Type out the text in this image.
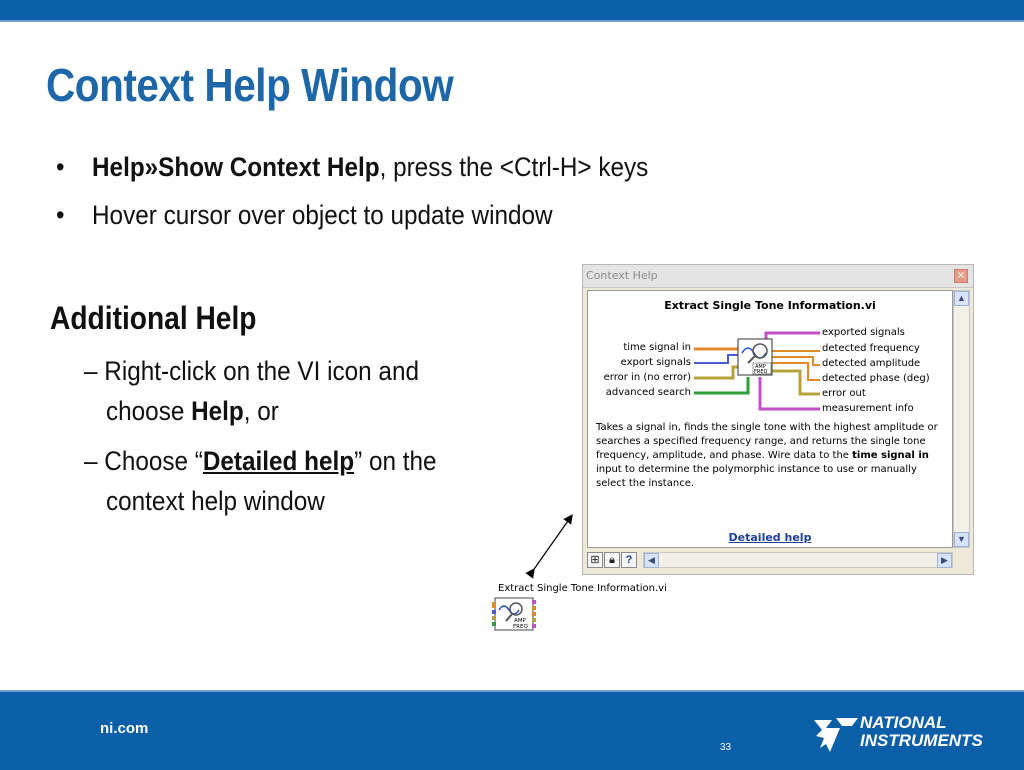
Context Help Window
• Help»Show Context Help, press the <Ctrl-H> keys
• Hover cursor over object to update window
Additional Help
– Right-click on the VI icon and
choose Help, or
– Choose “Detailed help” on the
context help window
Context Help	×
Extract Single Tone Information.vi
AMP
FREQ
time signal in
export signals
error in (no error)
advanced search
exported signals
detected frequency
detected amplitude
detected phase (deg)
error out
measurement info
Takes a signal in, finds the single tone with the highest amplitude or searches a specified frequency range, and returns the single tone frequency, amplitude, and phase. Wire data to the time signal in input to determine the polymorphic instance to use or manually select the instance.
Detailed help
▲
▼
⊞ 🔒︎ ?	◀	▶
Extract Single Tone Information.vi
AMP
FREQ
ni.com
33
NATIONAL
INSTRUMENTS
